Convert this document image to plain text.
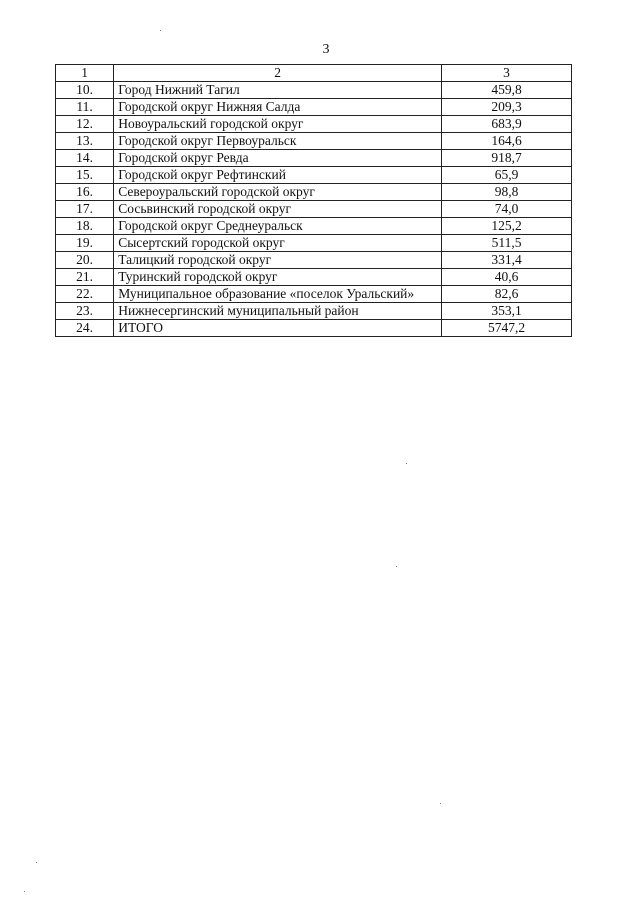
3
1	2	3
10.	Город Нижний Тагил	459,8
11.	Городской округ Нижняя Салда	209,3
12.	Новоуральский городской округ	683,9
13.	Городской округ Первоуральск	164,6
14.	Городской округ Ревда	918,7
15.	Городской округ Рефтинский	65,9
16.	Североуральский городской округ	98,8
17.	Сосьвинский городской округ	74,0
18.	Городской округ Среднеуральск	125,2
19.	Сысертский городской округ	511,5
20.	Талицкий городской округ	331,4
21.	Туринский городской округ	40,6
22.	Муниципальное образование «поселок Уральский»	82,6
23.	Нижнесергинский муниципальный район	353,1
24.	ИТОГО	5747,2
